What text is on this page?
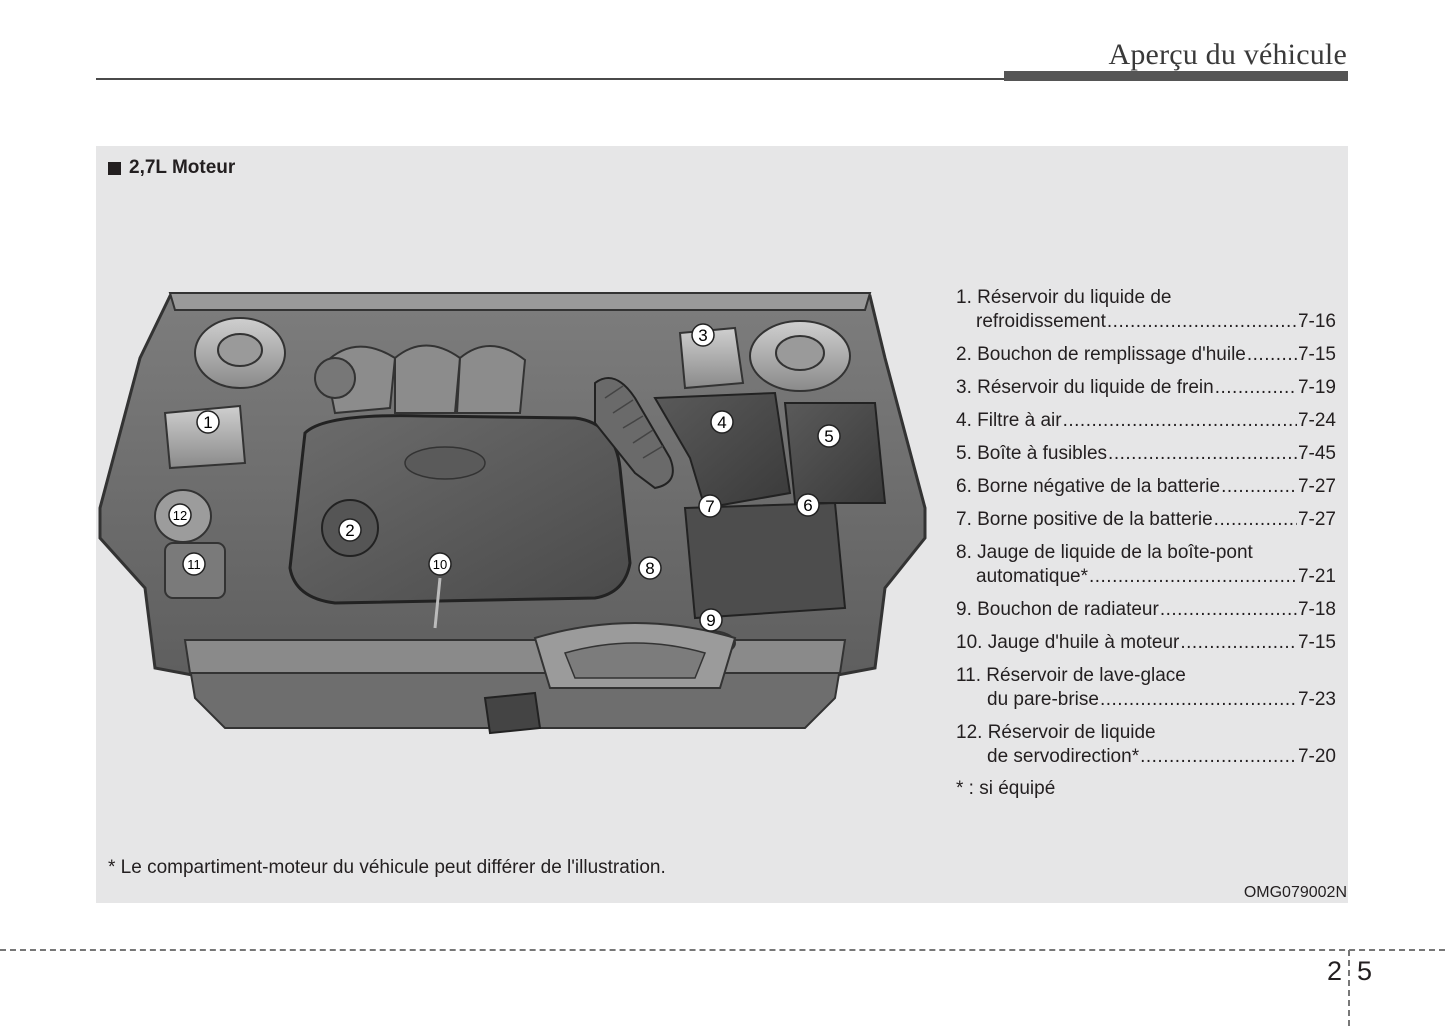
Aperçu du véhicule
2,7L Moteur
1
2
3
4
5
6
7
8
9
10
11
12
1. Réservoir du liquide de
refroidissement .....	7-16
2. Bouchon de remplissage d'huile .....	7-15
3. Réservoir du liquide de frein .....	7-19
4. Filtre à air .....	7-24
5. Boîte à fusibles .....	7-45
6. Borne négative de la batterie .....	7-27
7. Borne positive de la batterie .....	7-27
8. Jauge de liquide de la boîte-pont
automatique* .....	7-21
9. Bouchon de radiateur .....	7-18
10. Jauge d'huile à moteur .....	7-15
11. Réservoir de lave-glace
du pare-brise .....	7-23
12. Réservoir de liquide
de servodirection* .....	7-20
* : si équipé
* Le compartiment-moteur du véhicule peut différer de l'illustration.
OMG079002N
2 5
